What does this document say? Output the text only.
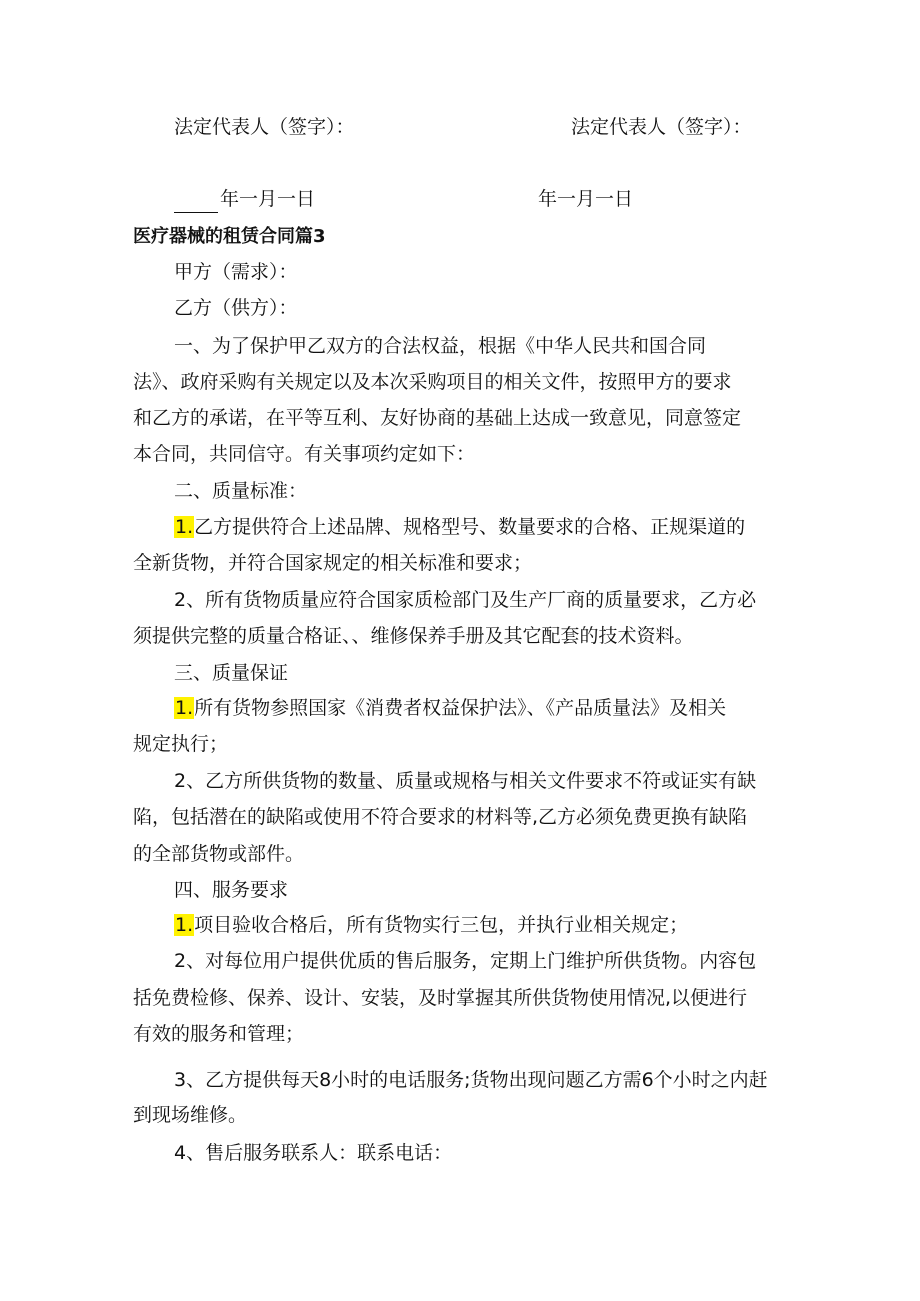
法定代表人（签字）：	法定代表人（签字）：
年一月一日	年一月一日
医疗器械的租赁合同篇3
甲方（需求）：
乙方（供方）：
一、为了保护甲乙双方的合法权益，根据《中华人民共和国合同
法》、政府采购有关规定以及本次采购项目的相关文件，按照甲方的要求
和乙方的承诺，在平等互利、友好协商的基础上达成一致意见，同意签定
本合同，共同信守。有关事项约定如下：
二、质量标准：
1.乙方提供符合上述品牌、规格型号、数量要求的合格、正规渠道的
全新货物，并符合国家规定的相关标准和要求；
2、所有货物质量应符合国家质检部门及生产厂商的质量要求，乙方必
须提供完整的质量合格证、、维修保养手册及其它配套的技术资料。
三、质量保证
1.所有货物参照国家《消费者权益保护法》、《产品质量法》及相关
规定执行；
2、乙方所供货物的数量、质量或规格与相关文件要求不符或证实有缺
陷，包括潜在的缺陷或使用不符合要求的材料等,乙方必须免费更换有缺陷
的全部货物或部件。
四、服务要求
1.项目验收合格后，所有货物实行三包，并执行业相关规定；
2、对每位用户提供优质的售后服务，定期上门维护所供货物。内容包
括免费检修、保养、设计、安装，及时掌握其所供货物使用情况,以便进行
有效的服务和管理；
3、乙方提供每天8小时的电话服务;货物出现问题乙方需6个小时之内赶
到现场维修。
4、售后服务联系人：联系电话：
